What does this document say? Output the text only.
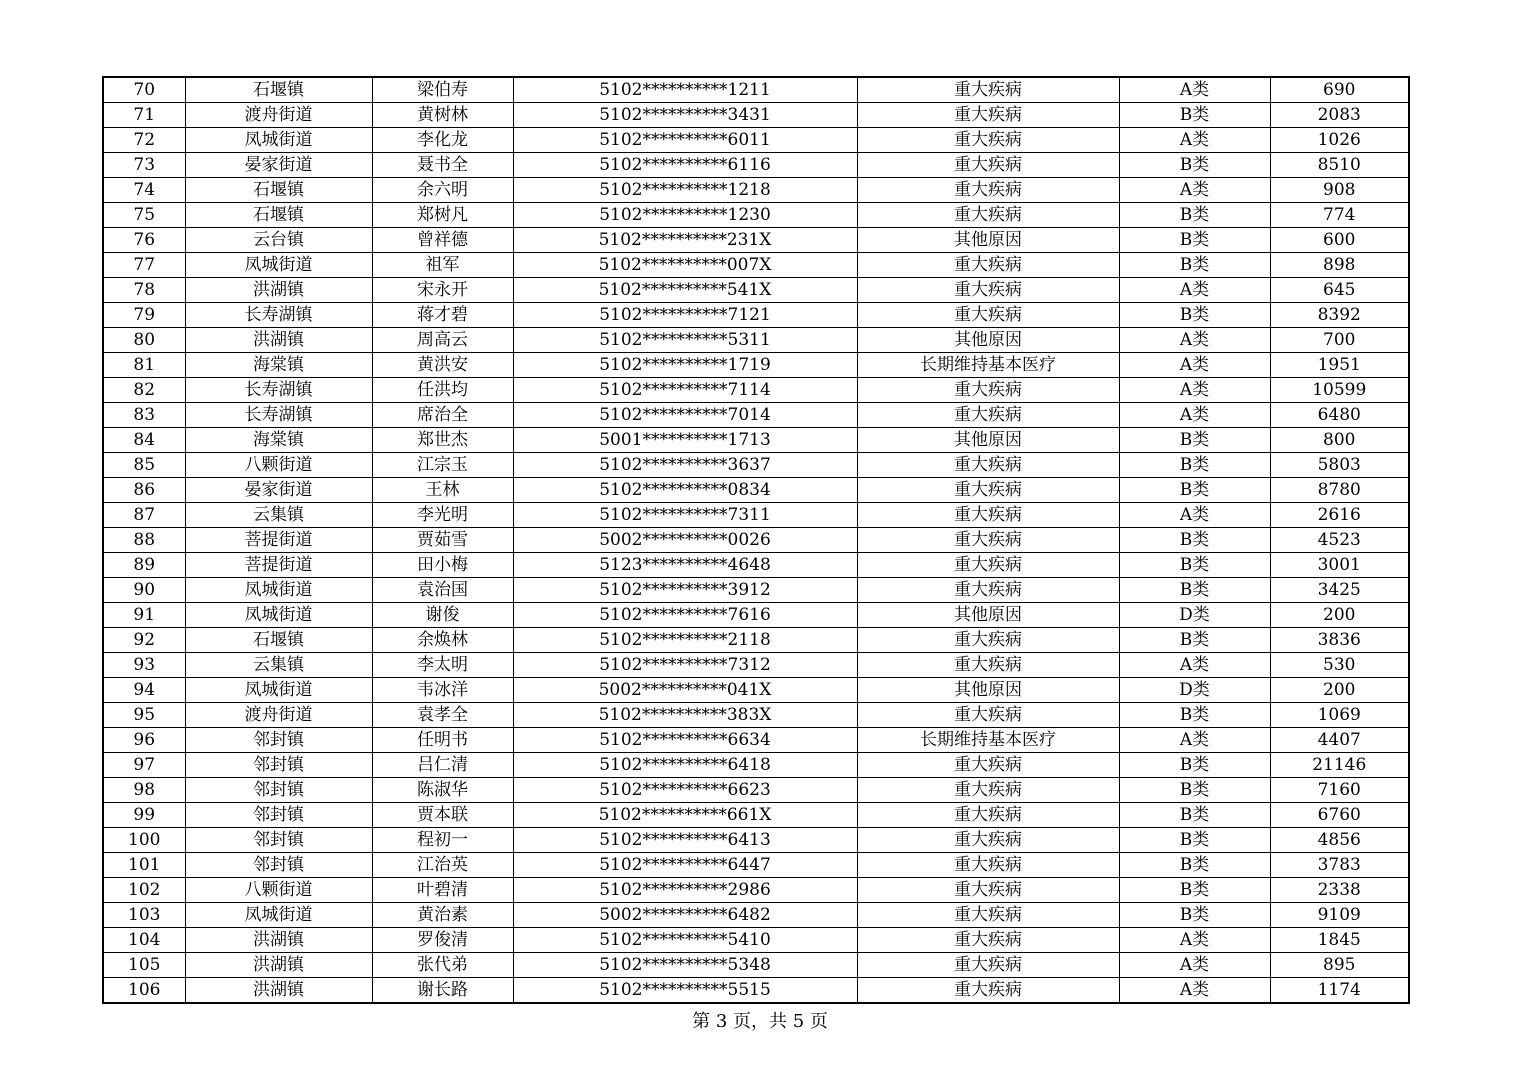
70	石堰镇	梁伯寿	5102**********1211	重大疾病	A类	690
71	渡舟街道	黄树林	5102**********3431	重大疾病	B类	2083
72	凤城街道	李化龙	5102**********6011	重大疾病	A类	1026
73	晏家街道	聂书全	5102**********6116	重大疾病	B类	8510
74	石堰镇	余六明	5102**********1218	重大疾病	A类	908
75	石堰镇	郑树凡	5102**********1230	重大疾病	B类	774
76	云台镇	曾祥德	5102**********231X	其他原因	B类	600
77	凤城街道	祖军	5102**********007X	重大疾病	B类	898
78	洪湖镇	宋永开	5102**********541X	重大疾病	A类	645
79	长寿湖镇	蒋才碧	5102**********7121	重大疾病	B类	8392
80	洪湖镇	周高云	5102**********5311	其他原因	A类	700
81	海棠镇	黄洪安	5102**********1719	长期维持基本医疗	A类	1951
82	长寿湖镇	任洪均	5102**********7114	重大疾病	A类	10599
83	长寿湖镇	席治全	5102**********7014	重大疾病	A类	6480
84	海棠镇	郑世杰	5001**********1713	其他原因	B类	800
85	八颗街道	江宗玉	5102**********3637	重大疾病	B类	5803
86	晏家街道	王林	5102**********0834	重大疾病	B类	8780
87	云集镇	李光明	5102**********7311	重大疾病	A类	2616
88	菩提街道	贾茹雪	5002**********0026	重大疾病	B类	4523
89	菩提街道	田小梅	5123**********4648	重大疾病	B类	3001
90	凤城街道	袁治国	5102**********3912	重大疾病	B类	3425
91	凤城街道	谢俊	5102**********7616	其他原因	D类	200
92	石堰镇	余焕林	5102**********2118	重大疾病	B类	3836
93	云集镇	李太明	5102**********7312	重大疾病	A类	530
94	凤城街道	韦冰洋	5002**********041X	其他原因	D类	200
95	渡舟街道	袁孝全	5102**********383X	重大疾病	B类	1069
96	邻封镇	任明书	5102**********6634	长期维持基本医疗	A类	4407
97	邻封镇	吕仁清	5102**********6418	重大疾病	B类	21146
98	邻封镇	陈淑华	5102**********6623	重大疾病	B类	7160
99	邻封镇	贾本联	5102**********661X	重大疾病	B类	6760
100	邻封镇	程初一	5102**********6413	重大疾病	B类	4856
101	邻封镇	江治英	5102**********6447	重大疾病	B类	3783
102	八颗街道	叶碧清	5102**********2986	重大疾病	B类	2338
103	凤城街道	黄治素	5002**********6482	重大疾病	B类	9109
104	洪湖镇	罗俊清	5102**********5410	重大疾病	A类	1845
105	洪湖镇	张代弟	5102**********5348	重大疾病	A类	895
106	洪湖镇	谢长路	5102**********5515	重大疾病	A类	1174
第 3 页，共 5 页
